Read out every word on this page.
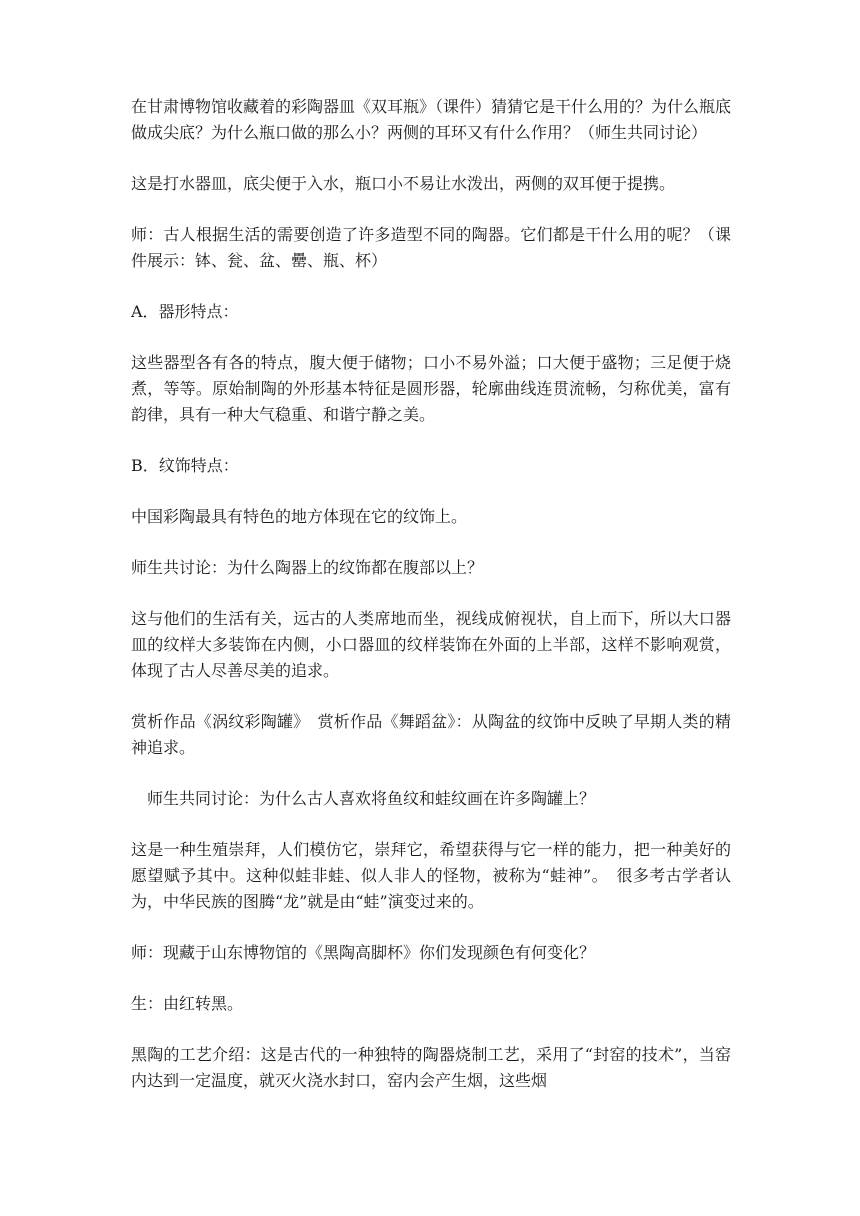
在甘肃博物馆收藏着的彩陶器皿《双耳瓶》（课件）猜猜它是干什么用的？为什么瓶底做成尖底？为什么瓶口做的那么小？两侧的耳环又有什么作用？（师生共同讨论）

这是打水器皿，底尖便于入水，瓶口小不易让水泼出，两侧的双耳便于提携。

师：古人根据生活的需要创造了许多造型不同的陶器。它们都是干什么用的呢？（课件展示：钵、瓮、盆、罍、瓶、杯）

A．器形特点：

这些器型各有各的特点，腹大便于储物；口小不易外溢；口大便于盛物；三足便于烧煮，等等。原始制陶的外形基本特征是圆形器，轮廓曲线连贯流畅，匀称优美，富有韵律，具有一种大气稳重、和谐宁静之美。

B．纹饰特点：

中国彩陶最具有特色的地方体现在它的纹饰上。

师生共讨论：为什么陶器上的纹饰都在腹部以上？

这与他们的生活有关，远古的人类席地而坐，视线成俯视状，自上而下，所以大口器皿的纹样大多装饰在内侧，小口器皿的纹样装饰在外面的上半部，这样不影响观赏，体现了古人尽善尽美的追求。

赏析作品《涡纹彩陶罐》　赏析作品《舞蹈盆》：从陶盆的纹饰中反映了早期人类的精神追求。

师生共同讨论：为什么古人喜欢将鱼纹和蛙纹画在许多陶罐上？

这是一种生殖崇拜，人们模仿它，崇拜它，希望获得与它一样的能力，把一种美好的愿望赋予其中。这种似蛙非蛙、似人非人的怪物，被称为“蛙神”。　很多考古学者认为，中华民族的图腾“龙”就是由“蛙”演变过来的。

师：现藏于山东博物馆的《黑陶高脚杯》你们发现颜色有何变化？

生：由红转黑。

黑陶的工艺介绍：这是古代的一种独特的陶器烧制工艺，采用了“封窑的技术”，当窑内达到一定温度，就灭火浇水封口，窑内会产生烟，这些烟
